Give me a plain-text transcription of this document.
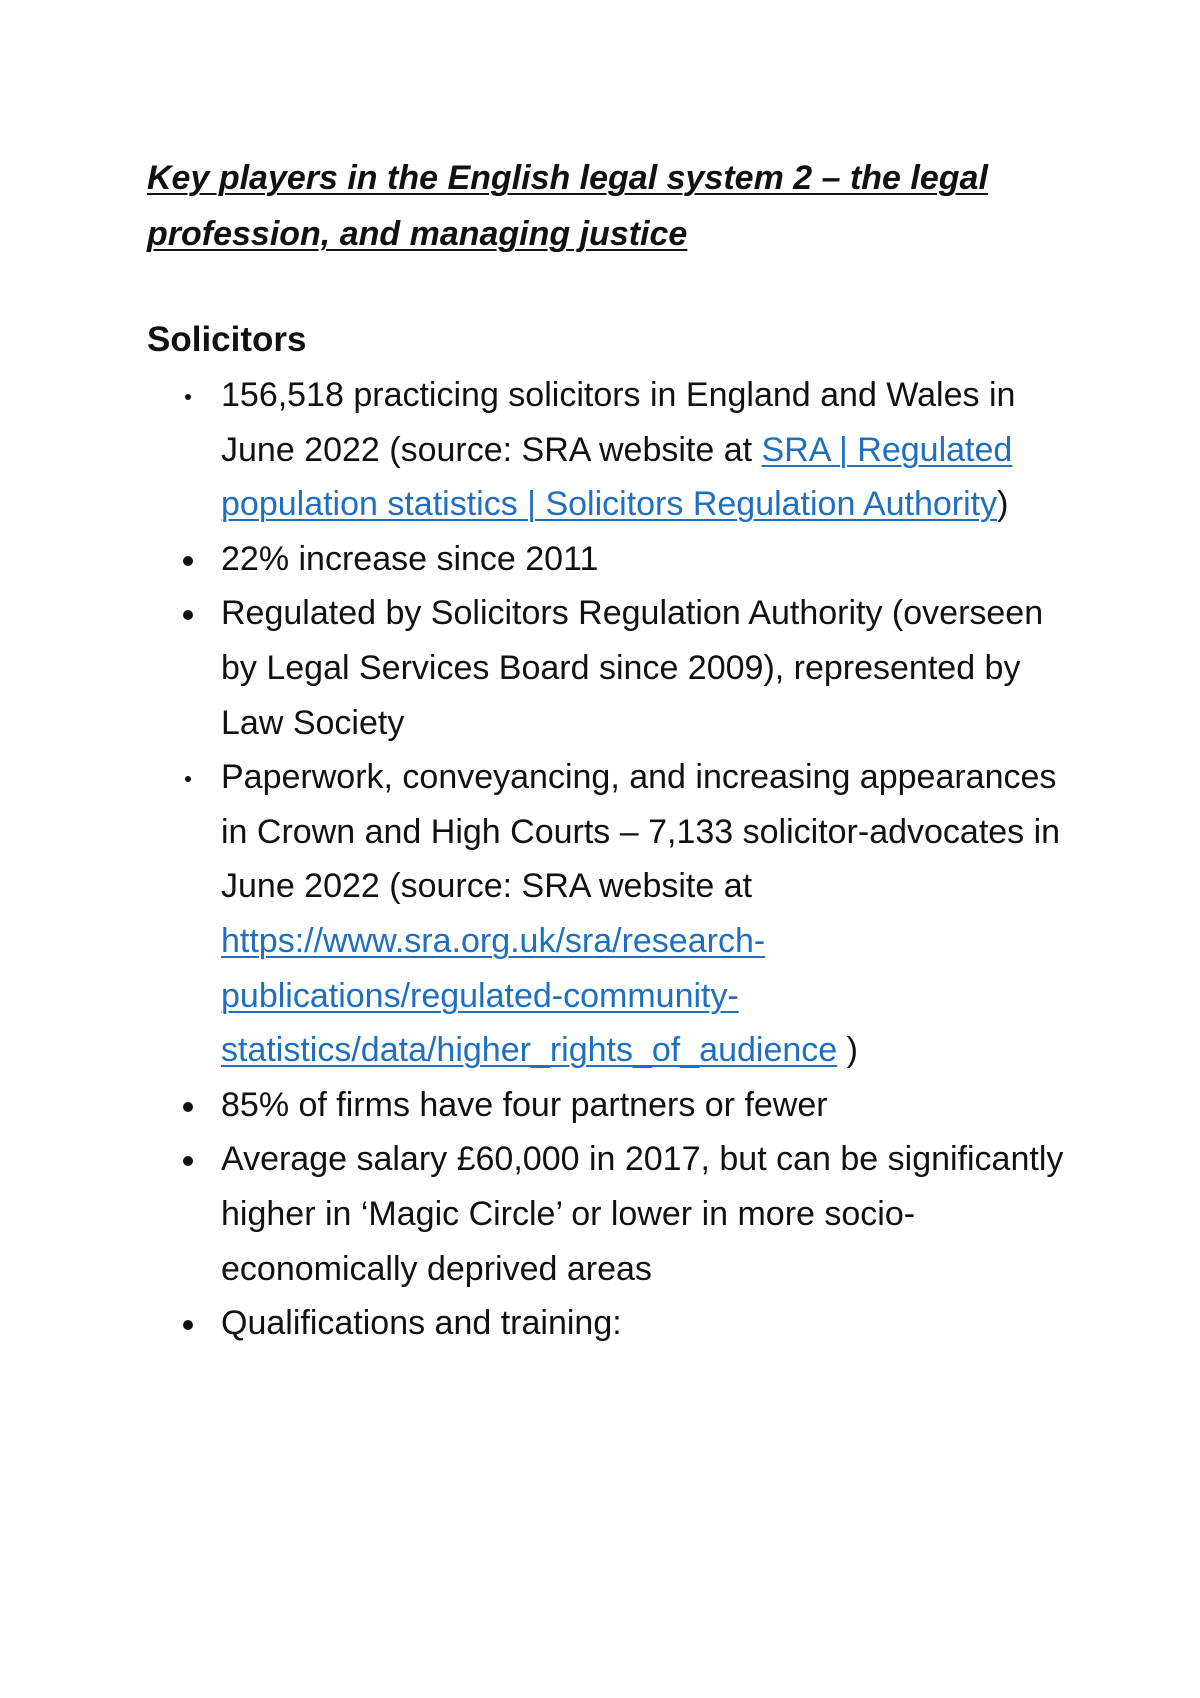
Key players in the English legal system 2 – the legal profession, and managing justice
Solicitors
156,518 practicing solicitors in England and Wales in June 2022 (source: SRA website at SRA | Regulated population statistics | Solicitors Regulation Authority)
22% increase since 2011
Regulated by Solicitors Regulation Authority (overseen by Legal Services Board since 2009), represented by Law Society
Paperwork, conveyancing, and increasing appearances in Crown and High Courts – 7,133 solicitor-advocates in June 2022 (source: SRA website at https://www.sra.org.uk/sra/research-publications/regulated-community-statistics/data/higher_rights_of_audience )
85% of firms have four partners or fewer
Average salary £60,000 in 2017, but can be significantly higher in ‘Magic Circle’ or lower in more socio-economically deprived areas
Qualifications and training:
